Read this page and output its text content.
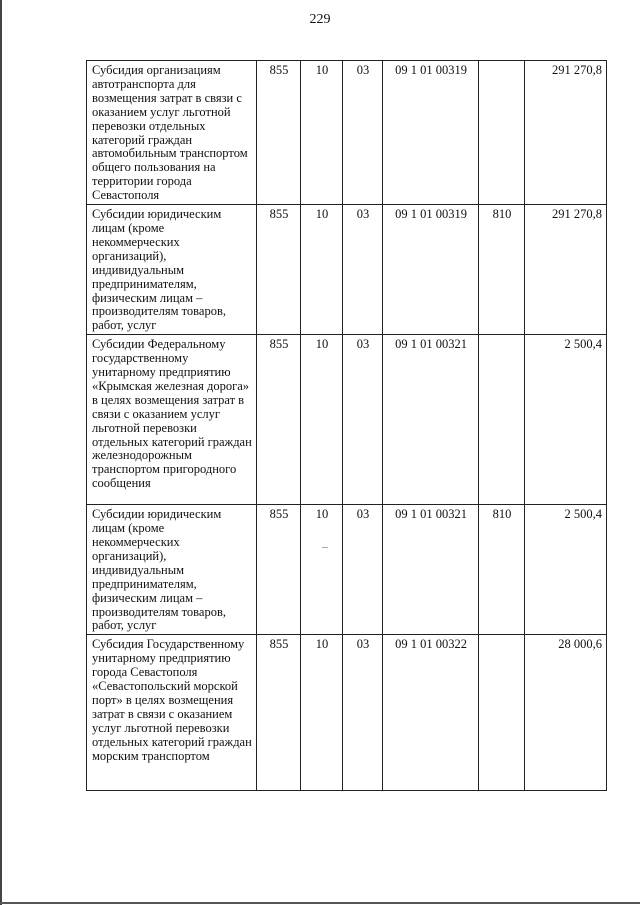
229
Субсидия организациям автотранспорта для возмещения затрат в связи с оказанием услуг льготной перевозки отдельных категорий граждан автомобильным транспортом общего пользования на территории города Севастополя	855	10	03	09 1 01 00319		291 270,8
Субсидии юридическим лицам (кроме некоммерческих организаций), индивидуальным предпринимателям, физическим лицам – производителям товаров, работ, услуг	855	10	03	09 1 01 00319	810	291 270,8
Субсидии Федеральному государственному унитарному предприятию «Крымская железная дорога» в целях возмещения затрат в связи с оказанием услуг льготной перевозки отдельных категорий граждан железнодорожным транспортом пригородного сообщения	855	10	03	09 1 01 00321		2 500,4
Субсидии юридическим лицам (кроме некоммерческих организаций), индивидуальным предпринимателям, физическим лицам – производителям товаров, работ, услуг	855	10	03	09 1 01 00321	810	2 500,4
Субсидия Государственному унитарному предприятию города Севастополя «Севастопольский морской порт» в целях возмещения затрат в связи с оказанием услуг льготной перевозки отдельных категорий граждан морским транспортом	855	10	03	09 1 01 00322		28 000,6
